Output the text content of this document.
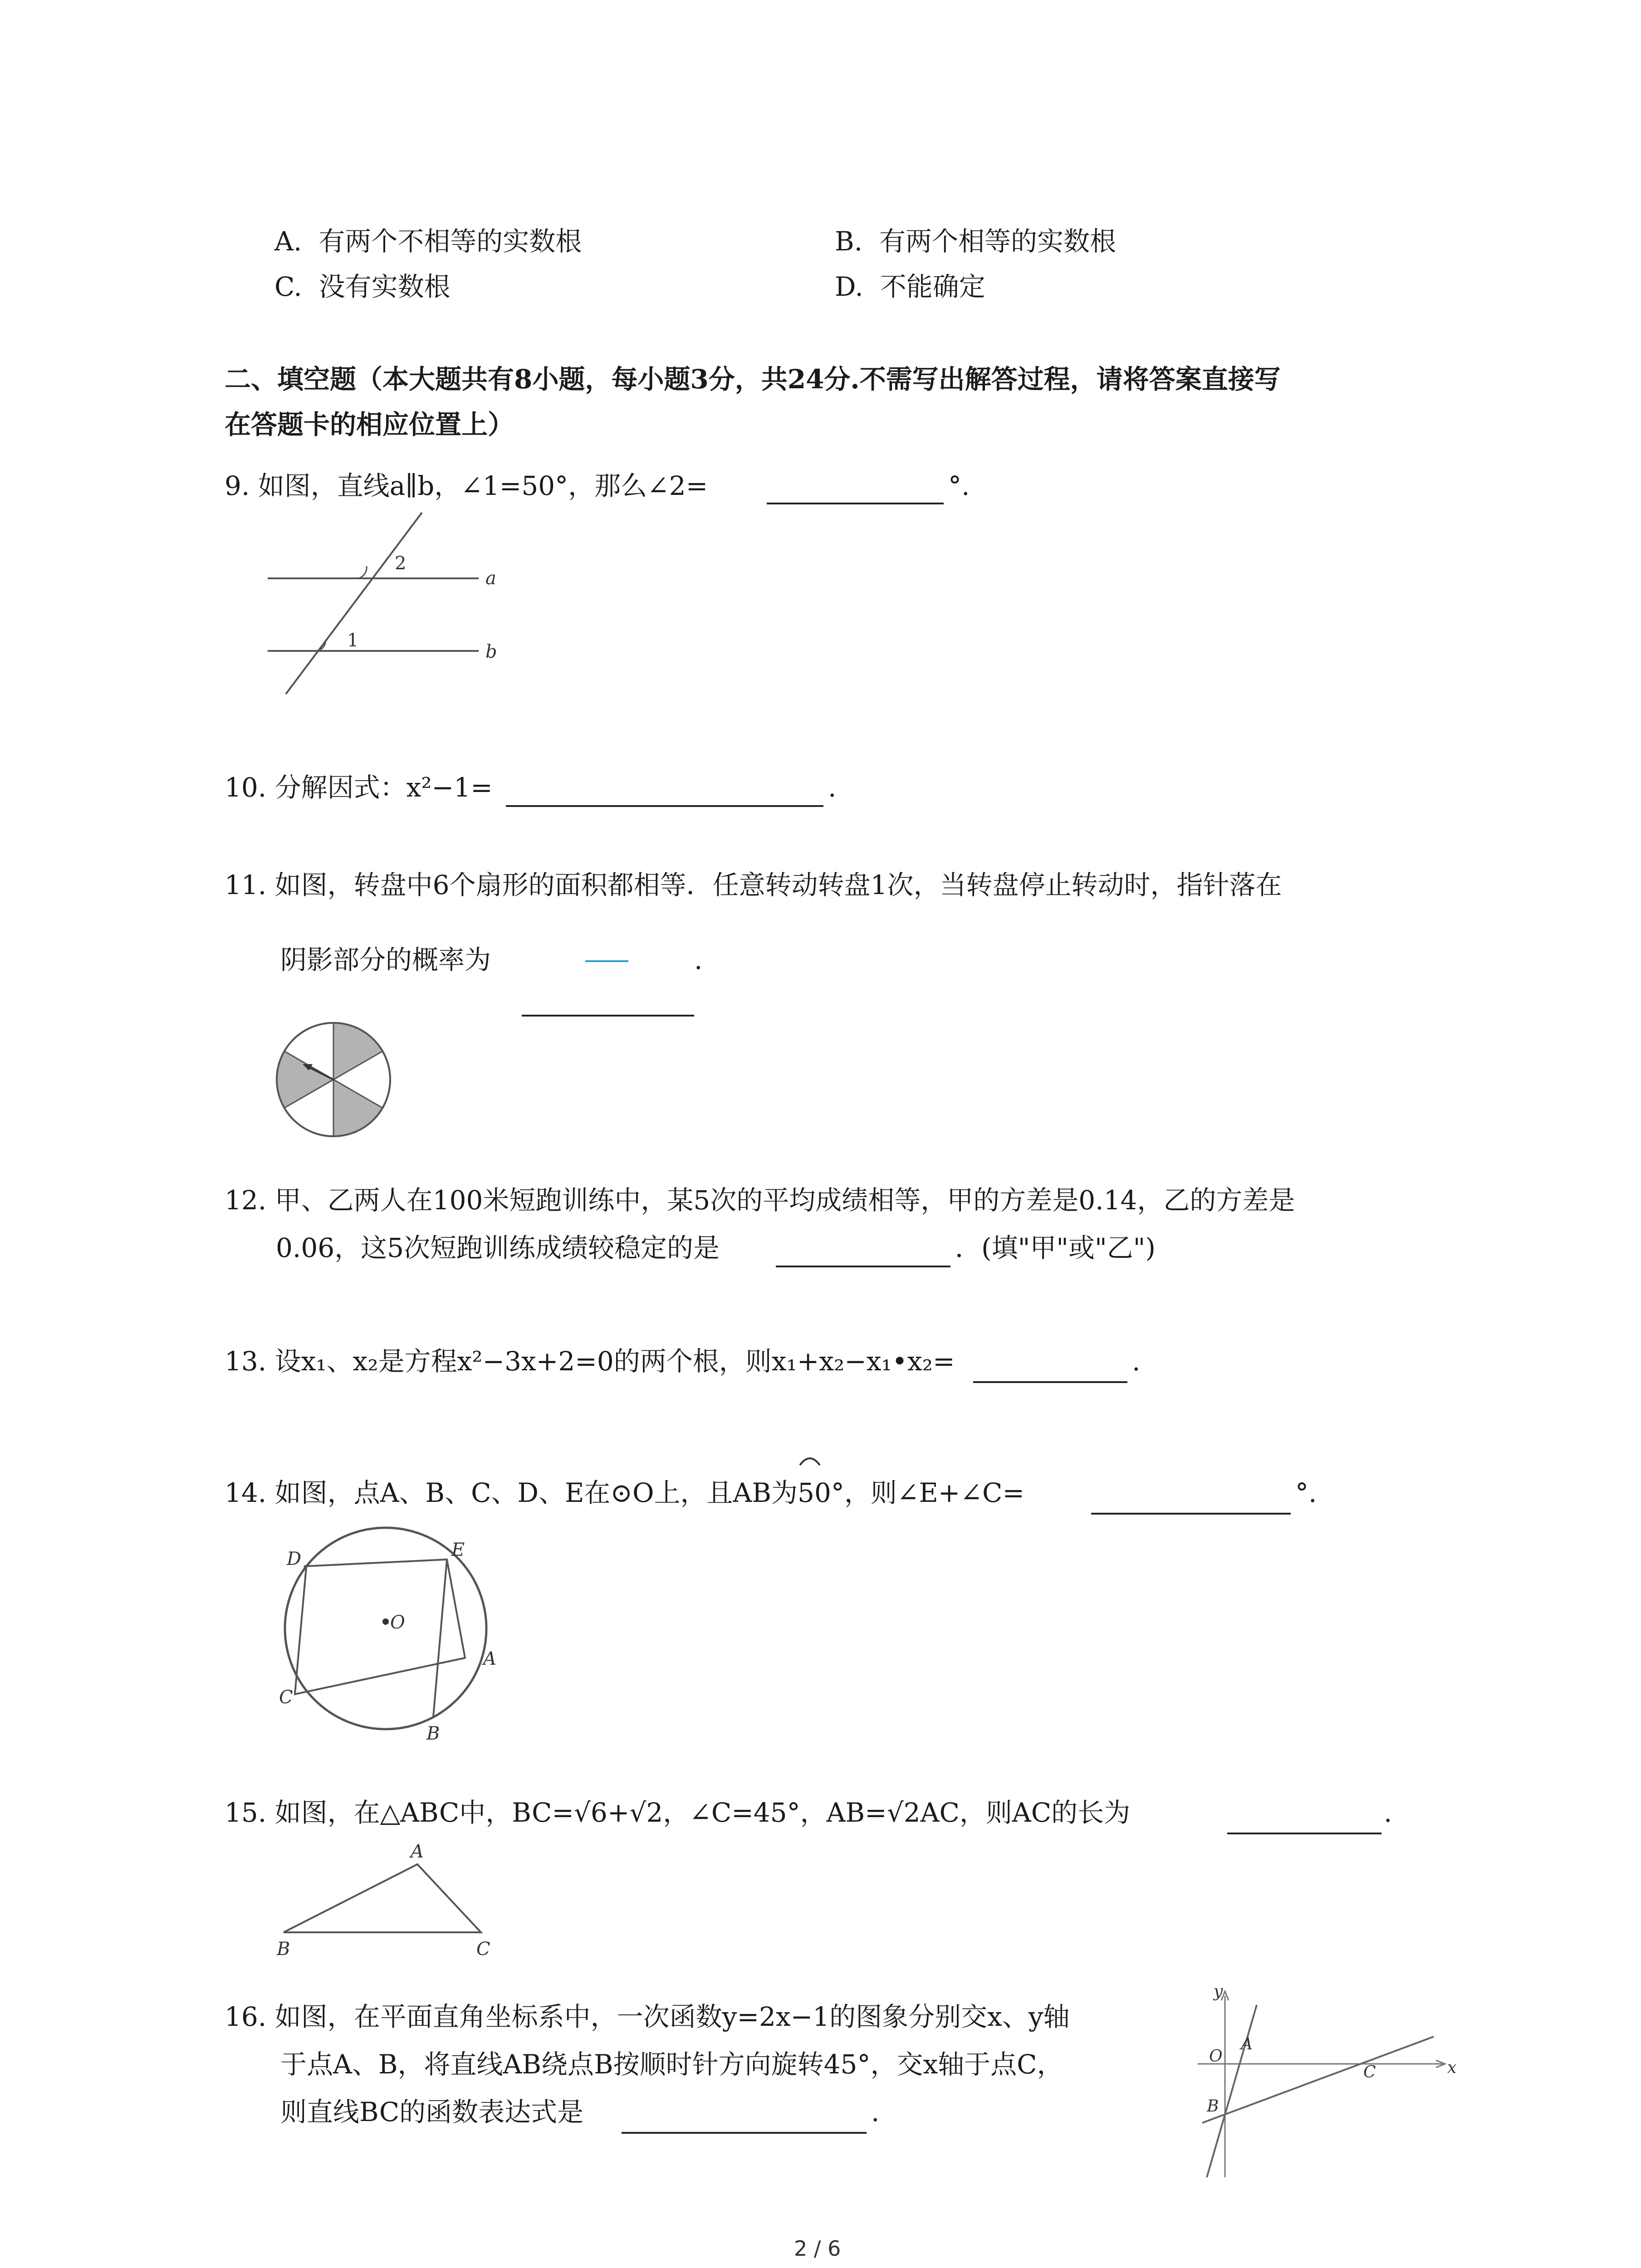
A. 有两个不相等的实数根	B. 有两个相等的实数根
C. 没有实数根	D. 不能确定
二、填空题（本大题共有8小题，每小题3分，共24分.不需写出解答过程，请将答案直接写
在答题卡的相应位置上）
9. 如图，直线a∥b，∠1=50°，那么∠2=	°.
2
1
a
b
10. 分解因式：x²−1=	.
11. 如图，转盘中6个扇形的面积都相等．任意转动转盘1次，当转盘停止转动时，指针落在
阴影部分的概率为	.
12. 甲、乙两人在100米短跑训练中，某5次的平均成绩相等，甲的方差是0.14，乙的方差是
0.06，这5次短跑训练成绩较稳定的是	．(填"甲"或"乙")
13. 设x₁、x₂是方程x²−3x+2=0的两个根，则x₁+x₂−x₁•x₂=	.
14. 如图，点A、B、C、D、E在⊙O上，且AB为50°，则∠E+∠C=	°.
D	E
O
A
C
B
15. 如图，在△ABC中，BC=√6+√2，∠C=45°，AB=√2AC，则AC的长为	.
A
B	C
16. 如图，在平面直角坐标系中，一次函数y=2x−1的图象分别交x、y轴
于点A、B，将直线AB绕点B按顺时针方向旋转45°，交x轴于点C，
则直线BC的函数表达式是	.
y
x
O
A
B
C
2 / 6
